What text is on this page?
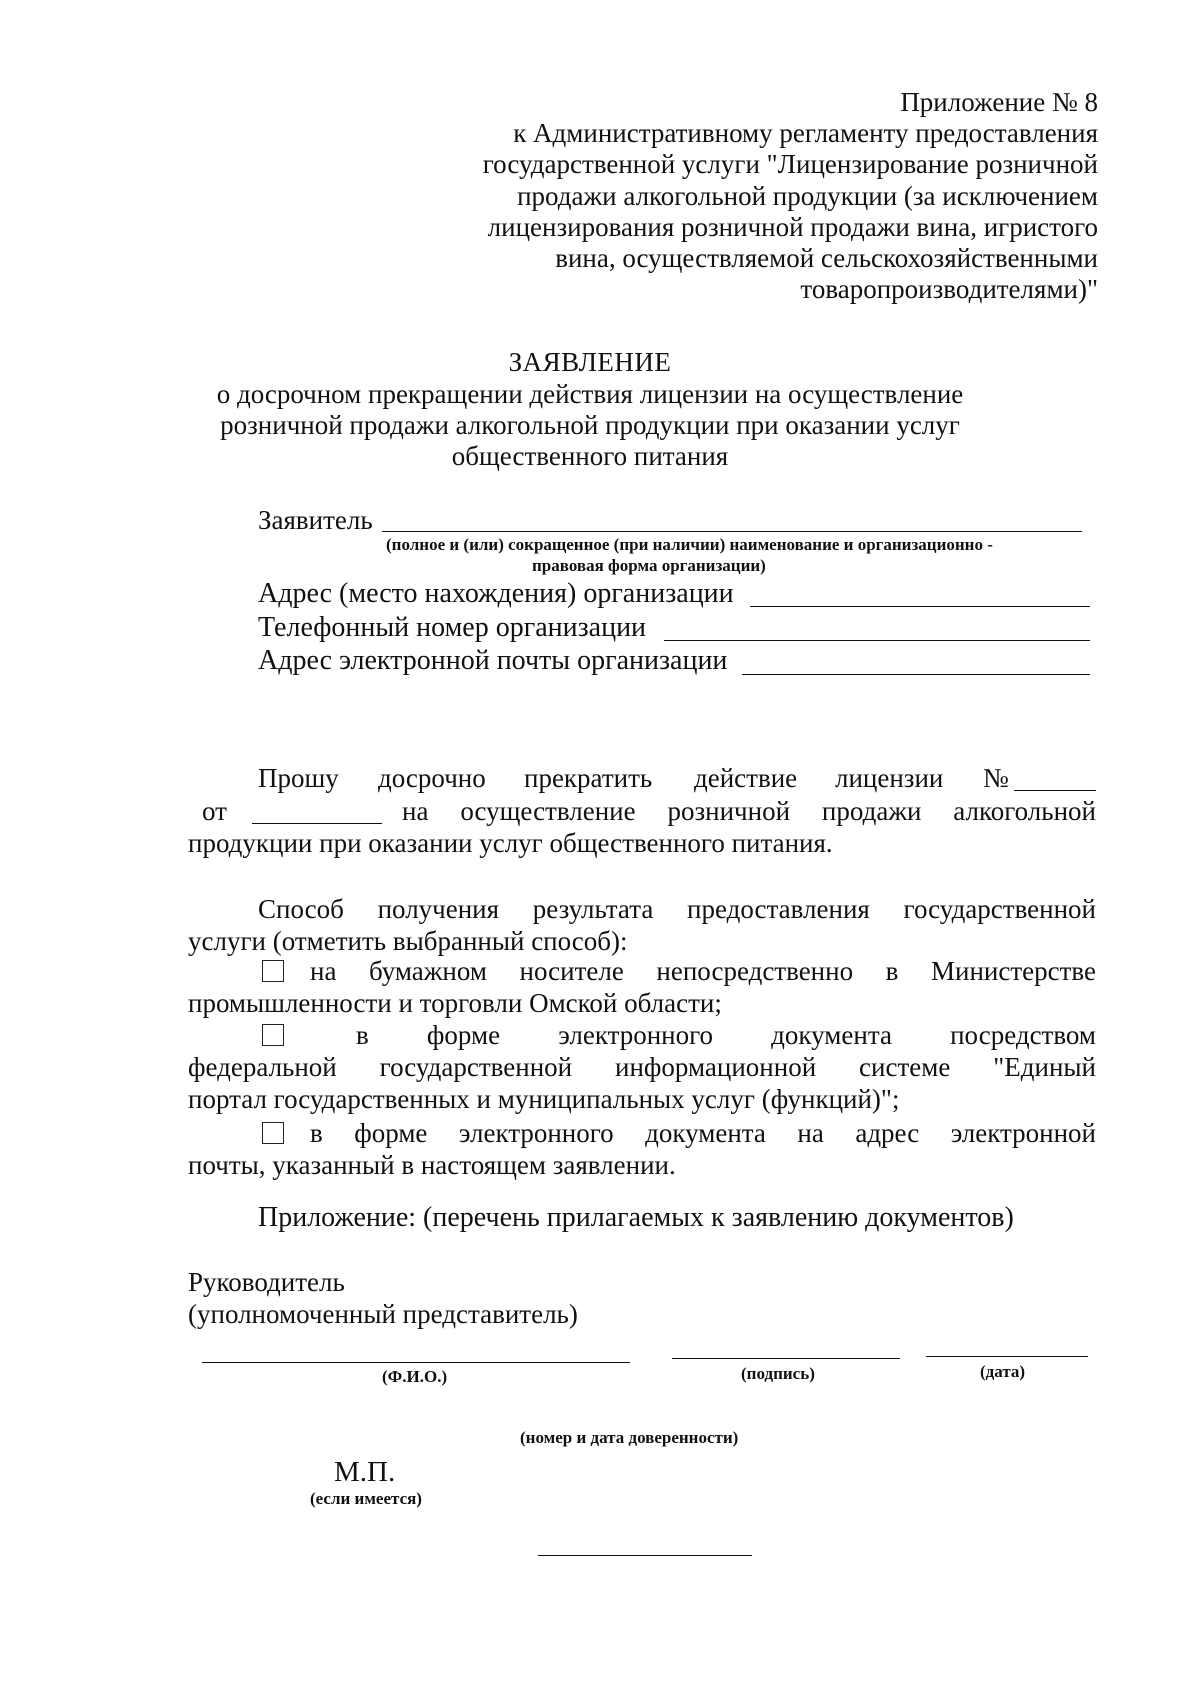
Приложение № 8
к Административному регламенту предоставления
государственной услуги "Лицензирование розничной
продажи алкогольной продукции (за исключением
лицензирования розничной продажи вина, игристого
вина, осуществляемой сельскохозяйственными
товаропроизводителями)"
ЗАЯВЛЕНИЕ
о досрочном прекращении действия лицензии на осуществление
розничной продажи алкогольной продукции при оказании услуг
общественного питания
Заявитель
(полное и (или) сокращенное (при наличии) наименование и организационно -
правовая форма организации)
Адрес (место нахождения) организации
Телефонный номер организации
Адрес электронной почты организации
Прошу досрочно прекратить действие лицензии №
от	на осуществление розничной продажи алкогольной
продукции при оказании услуг общественного питания.
Способ получения результата предоставления государственной
услуги (отметить выбранный способ):
на бумажном носителе непосредственно в Министерстве
промышленности и торговли Омской области;
в форме электронного документа посредством
федеральной государственной информационной системе "Единый
портал государственных и муниципальных услуг (функций)";
в форме электронного документа на адрес электронной
почты, указанный в настоящем заявлении.
Приложение: (перечень прилагаемых к заявлению документов)
Руководитель
(уполномоченный представитель)
(Ф.И.О.)	(подпись)	(дата)
(номер и дата доверенности)
М.П.
(если имеется)
